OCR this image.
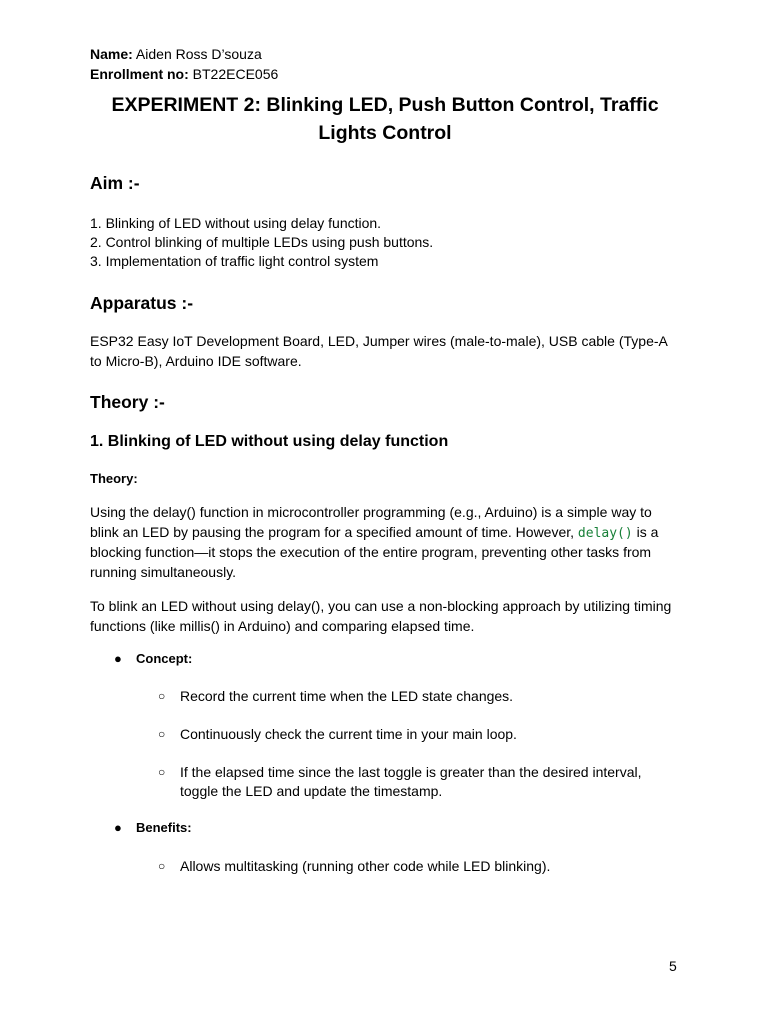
Name: Aiden Ross D’souza
Enrollment no: BT22ECE056
EXPERIMENT 2: Blinking LED, Push Button Control, Traffic Lights Control
Aim :-
1. Blinking of LED without using delay function.
2. Control blinking of multiple LEDs using push buttons.
3. Implementation of traffic light control system
Apparatus :-
ESP32 Easy IoT Development Board, LED, Jumper wires (male-to-male), USB cable (Type-A to Micro-B), Arduino IDE software.
Theory :-
1. Blinking of LED without using delay function
Theory:
Using the delay() function in microcontroller programming (e.g., Arduino) is a simple way to blink an LED by pausing the program for a specified amount of time. However, delay() is a blocking function—it stops the execution of the entire program, preventing other tasks from running simultaneously.
To blink an LED without using delay(), you can use a non-blocking approach by utilizing timing functions (like millis() in Arduino) and comparing elapsed time.
● Concept:
○ Record the current time when the LED state changes.
○ Continuously check the current time in your main loop.
○ If the elapsed time since the last toggle is greater than the desired interval, toggle the LED and update the timestamp.
● Benefits:
○ Allows multitasking (running other code while LED blinking).
5
